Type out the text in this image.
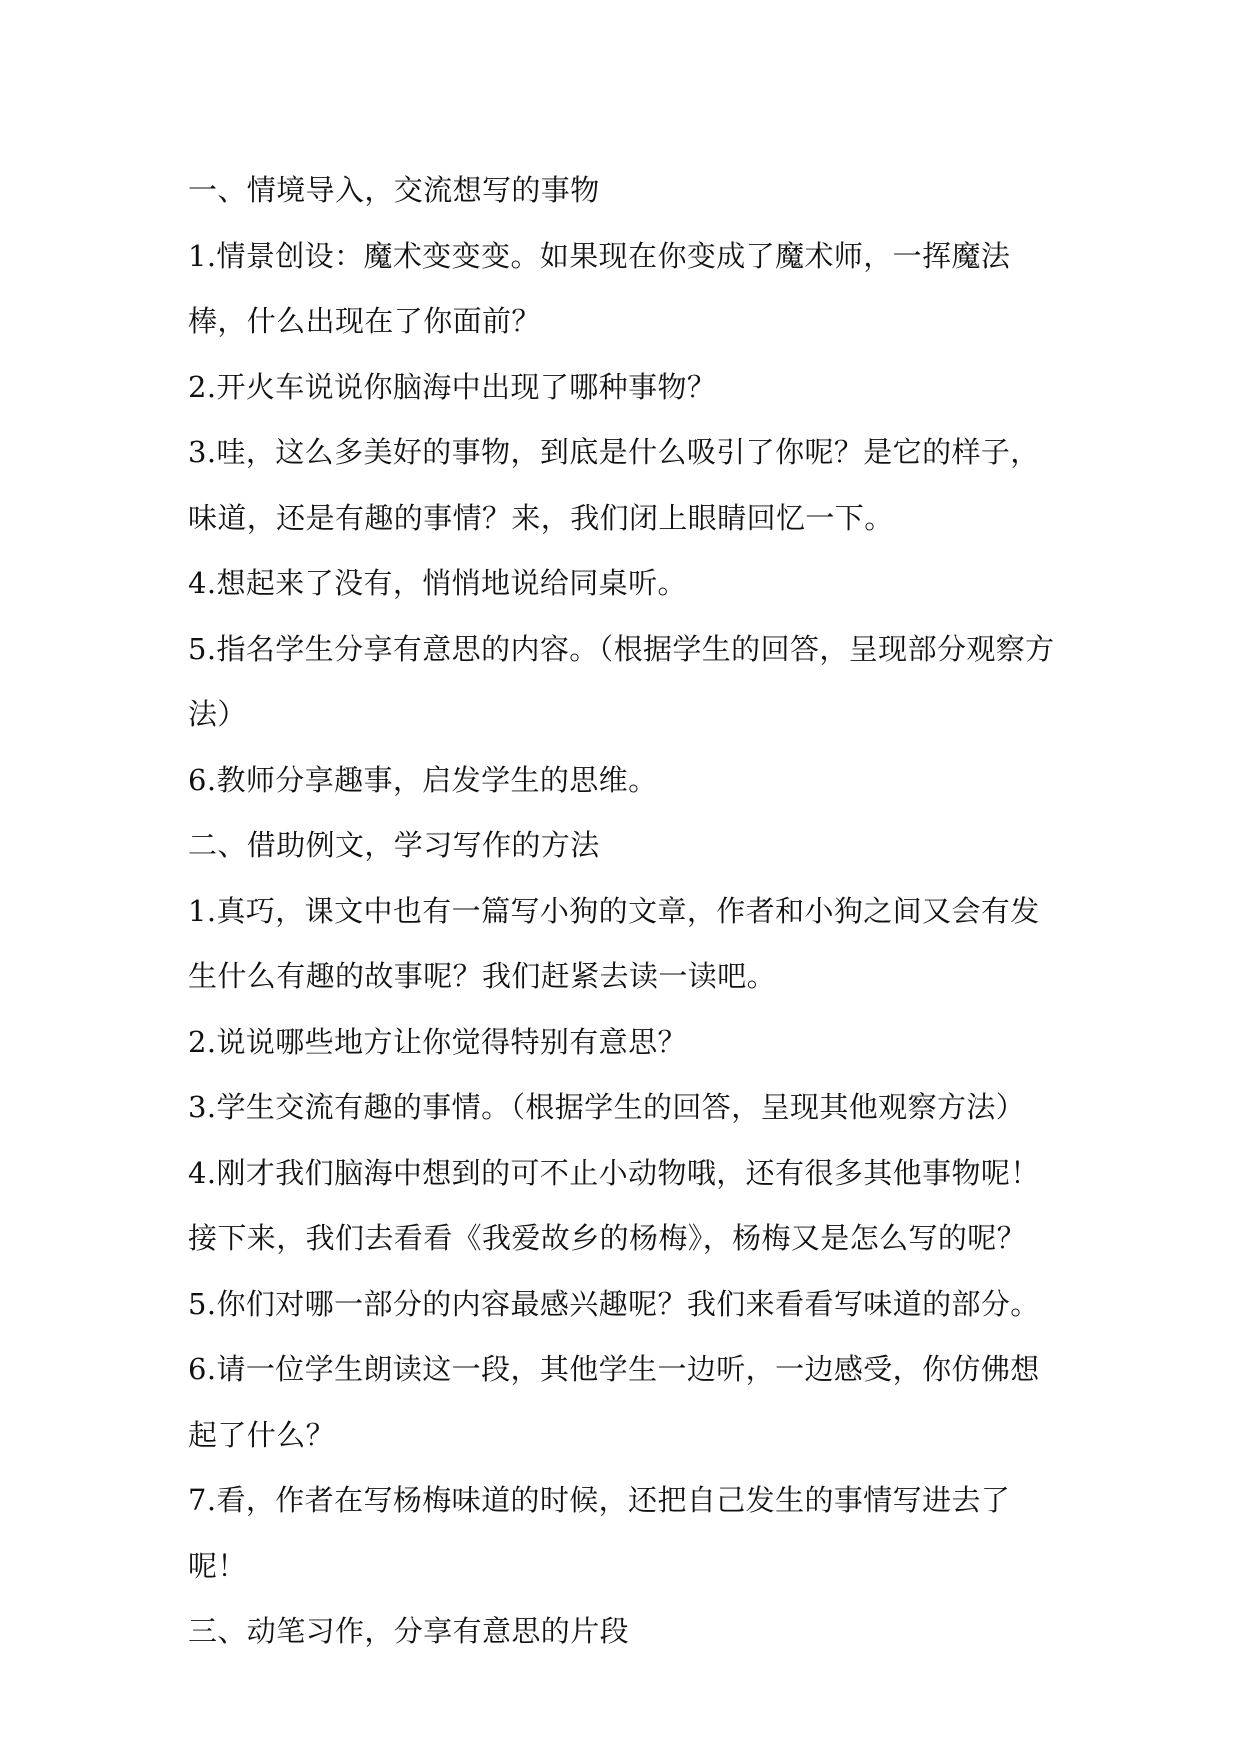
一、情境导入，交流想写的事物

1.情景创设：魔术变变变。如果现在你变成了魔术师，一挥魔法棒，什么出现在了你面前？

2.开火车说说你脑海中出现了哪种事物？

3.哇，这么多美好的事物，到底是什么吸引了你呢？是它的样子，味道，还是有趣的事情？来，我们闭上眼睛回忆一下。

4.想起来了没有，悄悄地说给同桌听。

5.指名学生分享有意思的内容。（根据学生的回答，呈现部分观察方法）

6.教师分享趣事，启发学生的思维。

二、借助例文，学习写作的方法

1.真巧，课文中也有一篇写小狗的文章，作者和小狗之间又会有发生什么有趣的故事呢？我们赶紧去读一读吧。

2.说说哪些地方让你觉得特别有意思？

3.学生交流有趣的事情。（根据学生的回答，呈现其他观察方法）

4.刚才我们脑海中想到的可不止小动物哦，还有很多其他事物呢！接下来，我们去看看《我爱故乡的杨梅》，杨梅又是怎么写的呢？

5.你们对哪一部分的内容最感兴趣呢？我们来看看写味道的部分。

6.请一位学生朗读这一段，其他学生一边听，一边感受，你仿佛想起了什么？

7.看，作者在写杨梅味道的时候，还把自己发生的事情写进去了呢！

三、动笔习作，分享有意思的片段
